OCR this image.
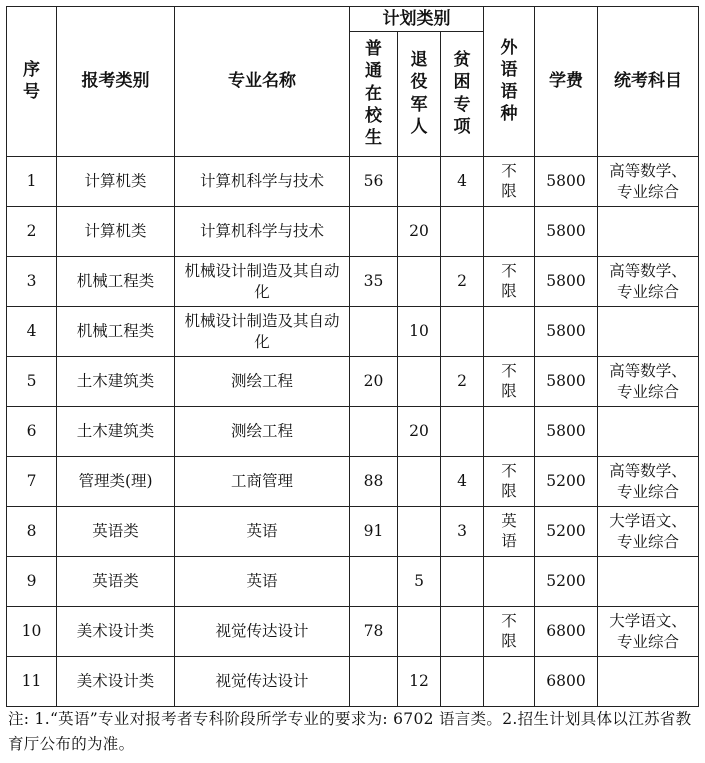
序号	报考类别	专业名称	计划类别			外语语种	学费	统考科目
			普通在校生	退役军人	贫困专项			
1	计算机类	计算机科学与技术	56		4	不限	5800	高等数学、专业综合

2	计算机类	计算机科学与技术		20			5800	

3	机械工程类	机械设计制造及其自动化	35		2	不限	5800	高等数学、专业综合

4	机械工程类	机械设计制造及其自动化		10			5800	

5	土木建筑类	测绘工程	20		2	不限	5800	高等数学、专业综合

6	土木建筑类	测绘工程		20			5800	

7	管理类(理)	工商管理	88		4	不限	5200	高等数学、专业综合

8	英语类	英语	91		3	英语	5200	大学语文、专业综合

9	英语类	英语		5			5200	

10	美术设计类	视觉传达设计	78			不限	6800	大学语文、专业综合

11	美术设计类	视觉传达设计		12			6800	
注: 1.“英语”专业对报考者专科阶段所学专业的要求为: 6702 语言类。2.招生计划具体以江苏省教育厅公布的为准。
